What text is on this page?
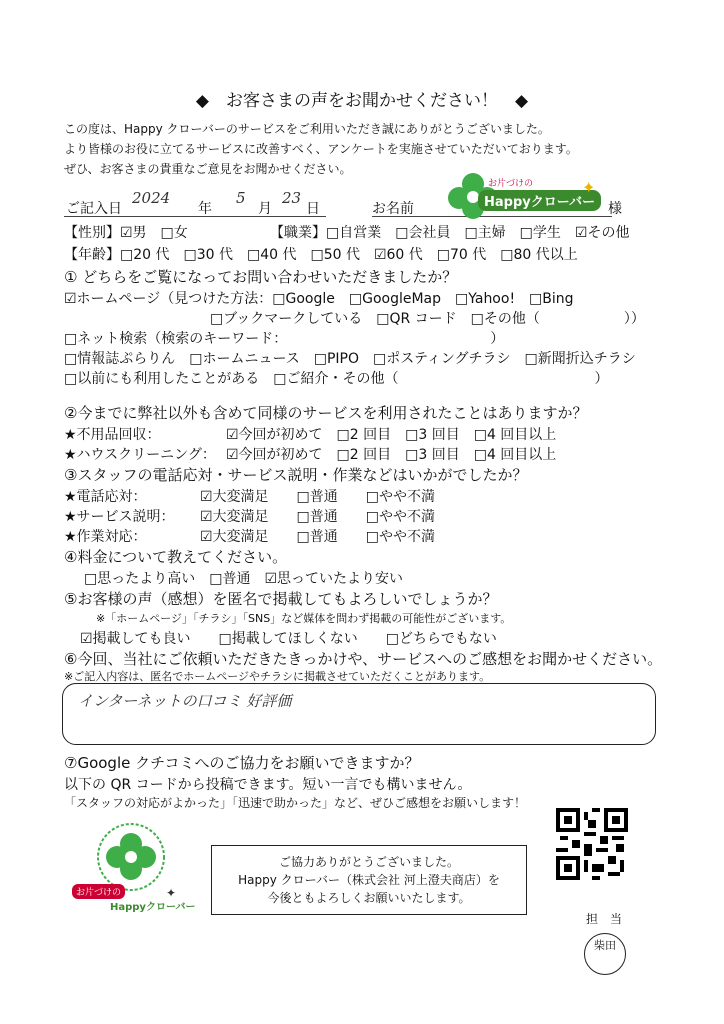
◆　お客さまの声をお聞かせください！　◆
この度は、Happy クローバーのサービスをご利用いただき誠にありがとうございました。
より皆様のお役に立てるサービスに改善すべく、アンケートを実施させていただいております。
ぜひ、お客さまの貴重なご意見をお聞かせください。
ご記入日
2024
年
5
月
23
日	お名前	様
お片づけの
Happyクローバー
✦
【性別】☑男　□女	【職業】□自営業　□会社員　□主婦　□学生　☑その他
【年齢】□20 代　□30 代　□40 代　□50 代　☑60 代　□70 代　□80 代以上
① どちらをご覧になってお問い合わせいただきましたか？
☑ホームページ（見つけた方法：□Google　□GoogleMap　□Yahoo!　□Bing
□ブックマークしている　□QR コード　□その他（　　　　　　））
□ネット検索（検索のキーワード：　　　　　　　　　　　　　　　）
□情報誌ぷらりん　□ホームニュース　□PIPO　□ポスティングチラシ　□新聞折込チラシ
□以前にも利用したことがある　□ご紹介・その他（　　　　　　　　　　　　　　）
②今までに弊社以外も含めて同様のサービスを利用されたことはありますか？
★不用品回収：	☑今回が初めて　□2 回目　□3 回目　□4 回目以上
★ハウスクリーニング： ☑今回が初めて　□2 回目　□3 回目　□4 回目以上
③スタッフの電話応対・サービス説明・作業などはいかがでしたか？
★電話応対：	☑大変満足　　□普通　　□やや不満
★サービス説明： ☑大変満足　　□普通　　□やや不満
★作業対応：	☑大変満足　　□普通　　□やや不満
④料金について教えてください。
□思ったより高い　□普通　☑思っていたより安い
⑤お客様の声（感想）を匿名で掲載してもよろしいでしょうか？
※「ホームページ」「チラシ」「SNS」など媒体を問わず掲載の可能性がございます。
☑掲載しても良い　　□掲載してほしくない　　□どちらでもない
⑥今回、当社にご依頼いただきたきっかけや、サービスへのご感想をお聞かせください。
※ご記入内容は、匿名でホームページやチラシに掲載させていただくことがあります。
インターネットの口コミ 好評価
⑦Google クチコミへのご協力をお願いできますか？
以下の QR コードから投稿できます。短い一言でも構いません。
「スタッフの対応がよかった」「迅速で助かった」など、ぜひご感想をお願いします！
お片づけの
Happyクローバー
✦
ご協力ありがとうございました。
Happy クローバー（株式会社 河上澄夫商店）を
今後ともよろしくお願いいたします。
担　当
柴田
